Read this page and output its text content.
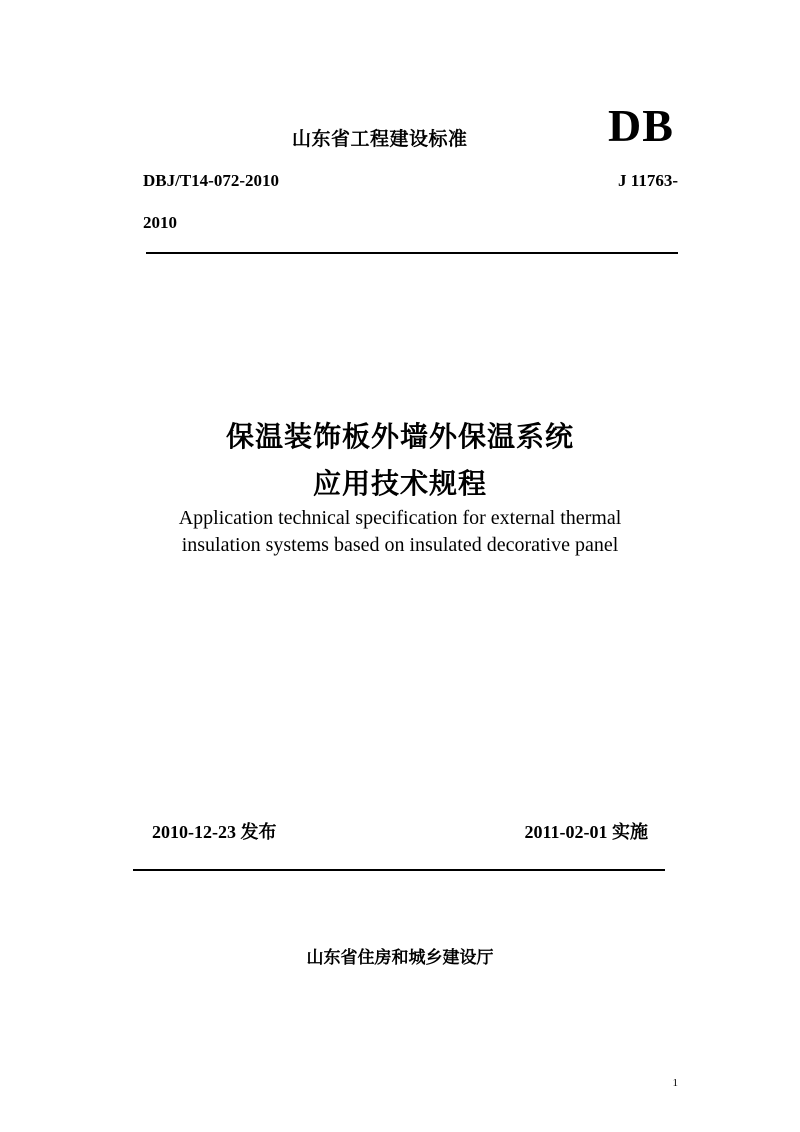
山东省工程建设标准	DB
DBJ/T14-072-2010	J 11763-
2010
保温装饰板外墙外保温系统
应用技术规程
Application technical specification for external thermal
insulation systems based on insulated decorative panel
2010-12-23 发布	2011-02-01 实施
山东省住房和城乡建设厅
1
